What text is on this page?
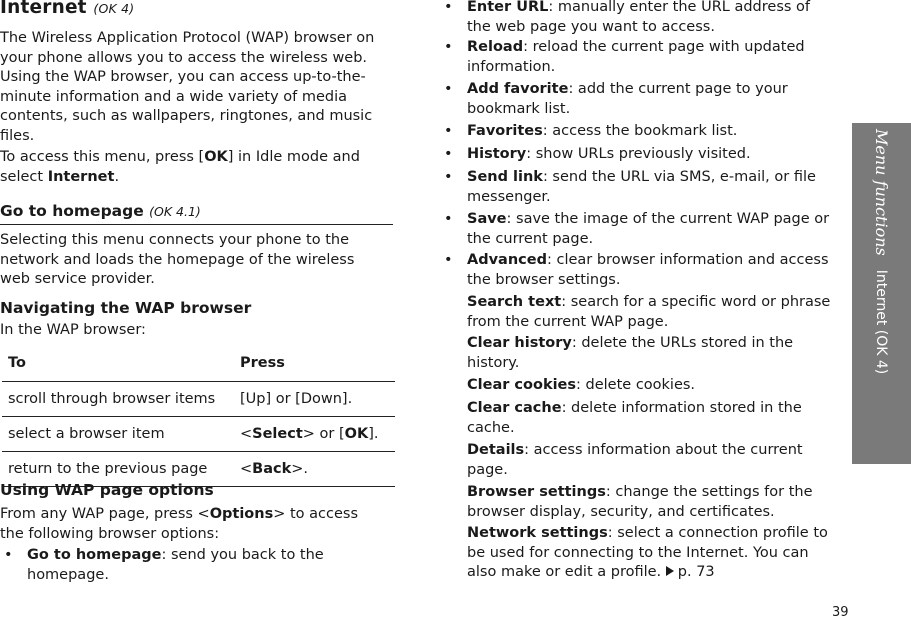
Internet (OK 4)

The Wireless Application Protocol (WAP) browser on your phone allows you to access the wireless web. Using the WAP browser, you can access up-to-the-minute information and a wide variety of media contents, such as wallpapers, ringtones, and music files.

To access this menu, press [OK] in Idle mode and select Internet.

Go to homepage (OK 4.1)

Selecting this menu connects your phone to the network and loads the homepage of the wireless web service provider.

Navigating the WAP browser

In the WAP browser:

To	Press
scroll through browser items	[Up] or [Down].
select a browser item	<Select> or [OK].
return to the previous page	<Back>.
Using WAP page options

From any WAP page, press <Options> to access the following browser options:

• Go to homepage: send you back to the homepage.
• Enter URL: manually enter the URL address of the web page you want to access.
• Reload: reload the current page with updated information.
• Add favorite: add the current page to your bookmark list.
• Favorites: access the bookmark list.
• History: show URLs previously visited.
• Send link: send the URL via SMS, e-mail, or file messenger.
• Save: save the image of the current WAP page or the current page.
• Advanced: clear browser information and access the browser settings.
Search text: search for a specific word or phrase from the current WAP page.
Clear history: delete the URLs stored in the history.
Clear cookies: delete cookies.
Clear cache: delete information stored in the cache.
Details: access information about the current page.
Browser settings: change the settings for the browser display, security, and certificates.
Network settings: select a connection profile to be used for connecting to the Internet. You can also make or edit a profile. p. 73
Menu functions
Internet (OK 4)
39
